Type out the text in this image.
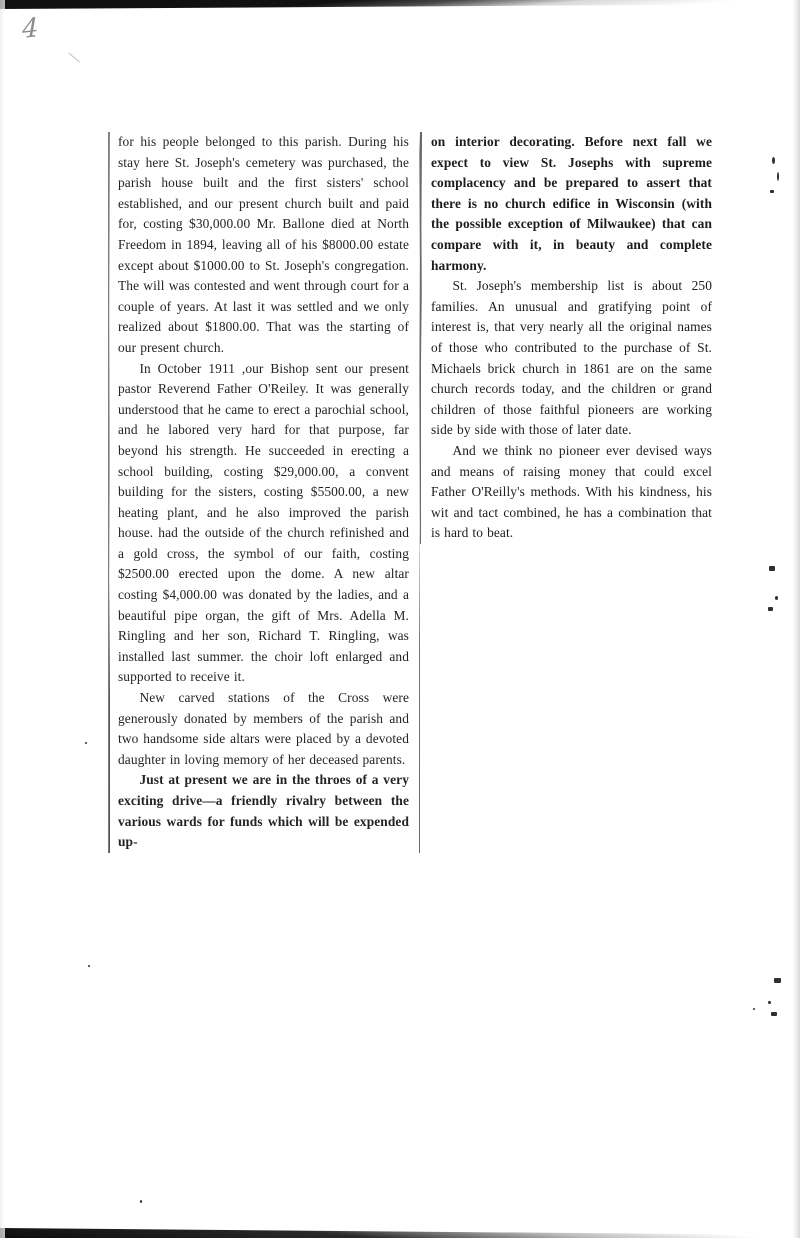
4

for his people belonged to this parish. During his stay here St. Joseph's cemetery was purchased, the parish house built and the first sisters' school established, and our present church built and paid for, costing $30,000.00 Mr. Ballone died at North Freedom in 1894, leaving all of his $8000.00 estate except about $1000.00 to St. Joseph's congregation. The will was contested and went through court for a couple of years. At last it was settled and we only realized about $1800.00. That was the starting of our present church.

In October 1911 ,our Bishop sent our present pastor Reverend Father O'Reiley. It was generally understood that he came to erect a parochial school, and he labored very hard for that purpose, far beyond his strength. He succeeded in erecting a school building, costing $29,000.00, a convent building for the sisters, costing $5500.00, a new heating plant, and he also improved the parish house. had the outside of the church refinished and a gold cross, the symbol of our faith, costing $2500.00 erected upon the dome. A new altar costing $4,000.00 was donated by the ladies, and a beautiful pipe organ, the gift of Mrs. Adella M. Ringling and her son, Richard T. Ringling, was installed last summer. the choir loft enlarged and supported to receive it.

New carved stations of the Cross were generously donated by members of the parish and two handsome side altars were placed by a devoted daughter in loving memory of her deceased parents.

Just at present we are in the throes of a very exciting drive—a friendly rivalry between the various wards for funds which will be expended up-

on interior decorating. Before next fall we expect to view St. Josephs with supreme complacency and be prepared to assert that there is no church edifice in Wisconsin (with the possible exception of Milwaukee) that can compare with it, in beauty and complete harmony.

St. Joseph's membership list is about 250 families. An unusual and gratifying point of interest is, that very nearly all the original names of those who contributed to the purchase of St. Michaels brick church in 1861 are on the same church records today, and the children or grand children of those faithful pioneers are working side by side with those of later date.

And we think no pioneer ever devised ways and means of raising money that could excel Father O'Reilly's methods. With his kindness, his wit and tact combined, he has a combination that is hard to beat.
